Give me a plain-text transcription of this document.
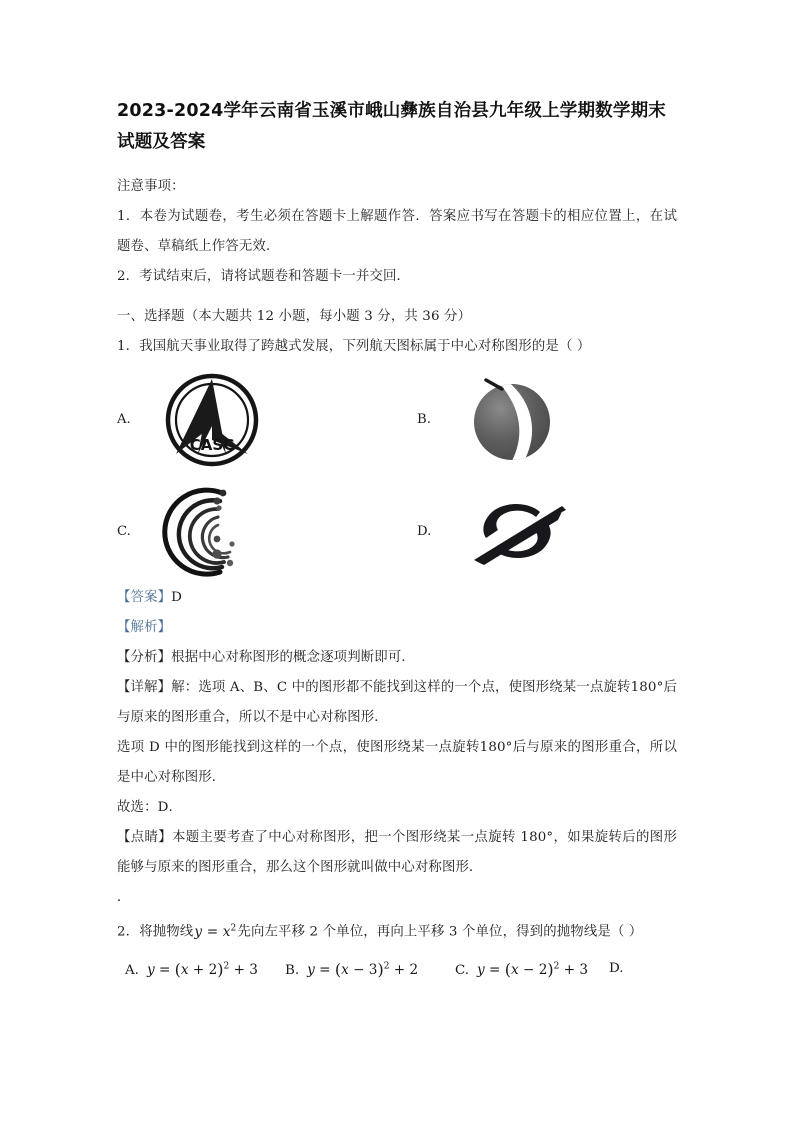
2023-2024学年云南省玉溪市峨山彝族自治县九年级上学期数学期末试题及答案

注意事项：

1．本卷为试题卷，考生必须在答题卡上解题作答．答案应书写在答题卡的相应位置上，在试题卷、草稿纸上作答无效．

2．考试结束后，请将试题卷和答题卡一并交回．

一、选择题（本大题共 12 小题，每小题 3 分，共 36 分）

1．我国航天事业取得了跨越式发展，下列航天图标属于中心对称图形的是（ ）

A.
CASC
B.
C.	D.

【答案】D

【解析】

【分析】根据中心对称图形的概念逐项判断即可．

【详解】解：选项 A、B、C 中的图形都不能找到这样的一个点，使图形绕某一点旋转180°后与原来的图形重合，所以不是中心对称图形．

选项 D 中的图形能找到这样的一个点，使图形绕某一点旋转180°后与原来的图形重合，所以是中心对称图形．

故选：D．

【点睛】本题主要考查了中心对称图形，把一个图形绕某一点旋转 180°，如果旋转后的图形能够与原来的图形重合，那么这个图形就叫做中心对称图形．

．

2．将抛物线$y = x^2$先向左平移 2 个单位，再向上平移 3 个单位，得到的抛物线是（ ）

A. $y = (x + 2)^2 + 3$ B. $y = (x - 3)^2 + 2$	C. $y = (x - 2)^2 + 3$ D.
